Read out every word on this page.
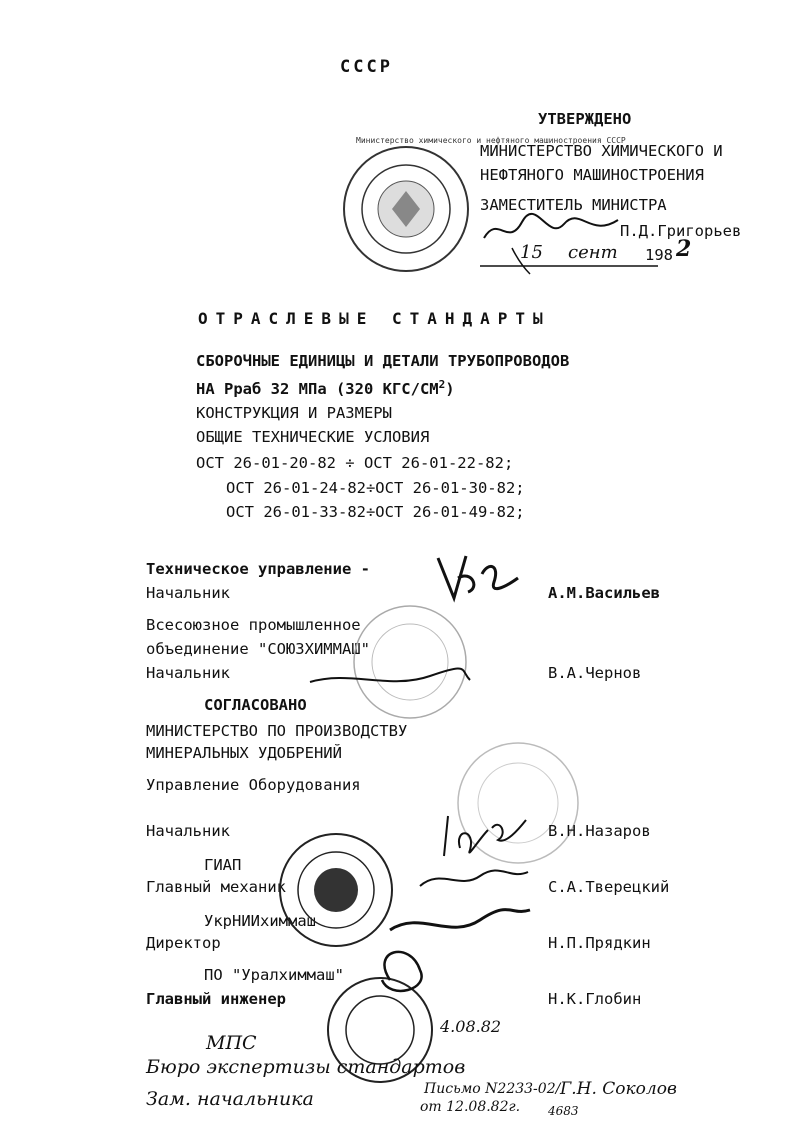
СССР
УТВЕРЖДЕНО
МИНИСТЕРСТВО ХИМИЧЕСКОГО И
НЕФТЯНОГО МАШИНОСТРОЕНИЯ
ЗАМЕСТИТЕЛЬ МИНИСТРА
П.Д.Григорьев
15 сент 198 2
Министерство химического и нефтяного машиностроения СССР
ОТРАСЛЕВЫЕ СТАНДАРТЫ
СБОРОЧНЫЕ ЕДИНИЦЫ И ДЕТАЛИ ТРУБОПРОВОДОВ
НА Рраб 32 МПа (320 КГС/$СМ^2$)
КОНСТРУКЦИЯ И РАЗМЕРЫ
ОБЩИЕ ТЕХНИЧЕСКИЕ УСЛОВИЯ
ОСТ 26-01-20-82 ÷ ОСТ 26-01-22-82;
ОСТ 26-01-24-82÷ОСТ 26-01-30-82;
ОСТ 26-01-33-82÷ОСТ 26-01-49-82;
Техническое управление -
Начальник	А.М.Васильев
Всесоюзное промышленное
объединение "СОЮЗХИММАШ"
Начальник	В.А.Чернов
СОГЛАСОВАНО
МИНИСТЕРСТВО ПО ПРОИЗВОДСТВУ
МИНЕРАЛЬНЫХ УДОБРЕНИЙ
Управление Оборудования
Начальник	В.Н.Назаров
ГИАП
Главный механик	С.А.Тверецкий
УкрНИИхиммаш
Директор	Н.П.Прядкин
ПО "Уралхиммаш"
Главный инженер	Н.К.Глобин
4.08.82
МПС
Бюро экспертизы стандартов
Зам. начальника	Письмо N2233-02/
от 12.08.82г. 4683
Г.Н. Соколов
